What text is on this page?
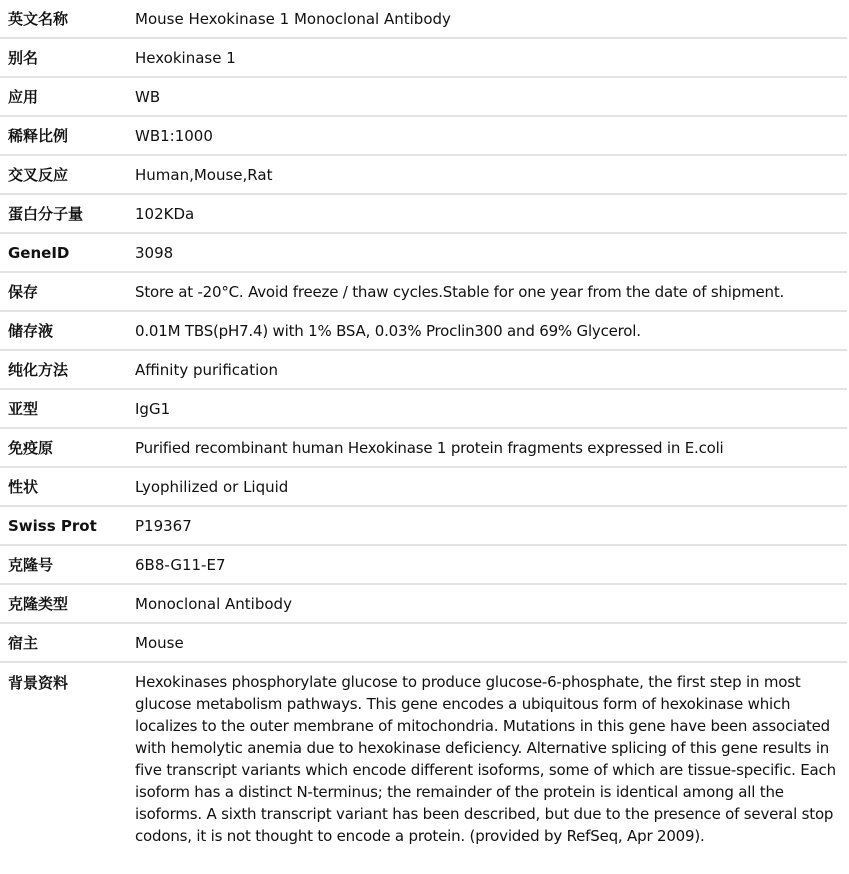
英文名称	Mouse Hexokinase 1 Monoclonal Antibody
别名	Hexokinase 1
应用	WB
稀释比例	WB1:1000
交叉反应	Human,Mouse,Rat
蛋白分子量	102KDa
GeneID	3098
保存	Store at -20°C. Avoid freeze / thaw cycles.Stable for one year from the date of shipment.
储存液	0.01M TBS(pH7.4) with 1% BSA, 0.03% Proclin300 and 69% Glycerol.
纯化方法	Affinity purification
亚型	IgG1
免疫原	Purified recombinant human Hexokinase 1 protein fragments expressed in E.coli
性状	Lyophilized or Liquid
Swiss Prot	P19367
克隆号	6B8-G11-E7
克隆类型	Monoclonal Antibody
宿主	Mouse
背景资料	Hexokinases phosphorylate glucose to produce glucose-6-phosphate, the first step in most glucose metabolism pathways. This gene encodes a ubiquitous form of hexokinase which localizes to the outer membrane of mitochondria. Mutations in this gene have been associated with hemolytic anemia due to hexokinase deficiency. Alternative splicing of this gene results in five transcript variants which encode different isoforms, some of which are tissue-specific. Each isoform has a distinct N-terminus; the remainder of the protein is identical among all the isoforms. A sixth transcript variant has been described, but due to the presence of several stop codons, it is not thought to encode a protein. (provided by RefSeq, Apr 2009).
